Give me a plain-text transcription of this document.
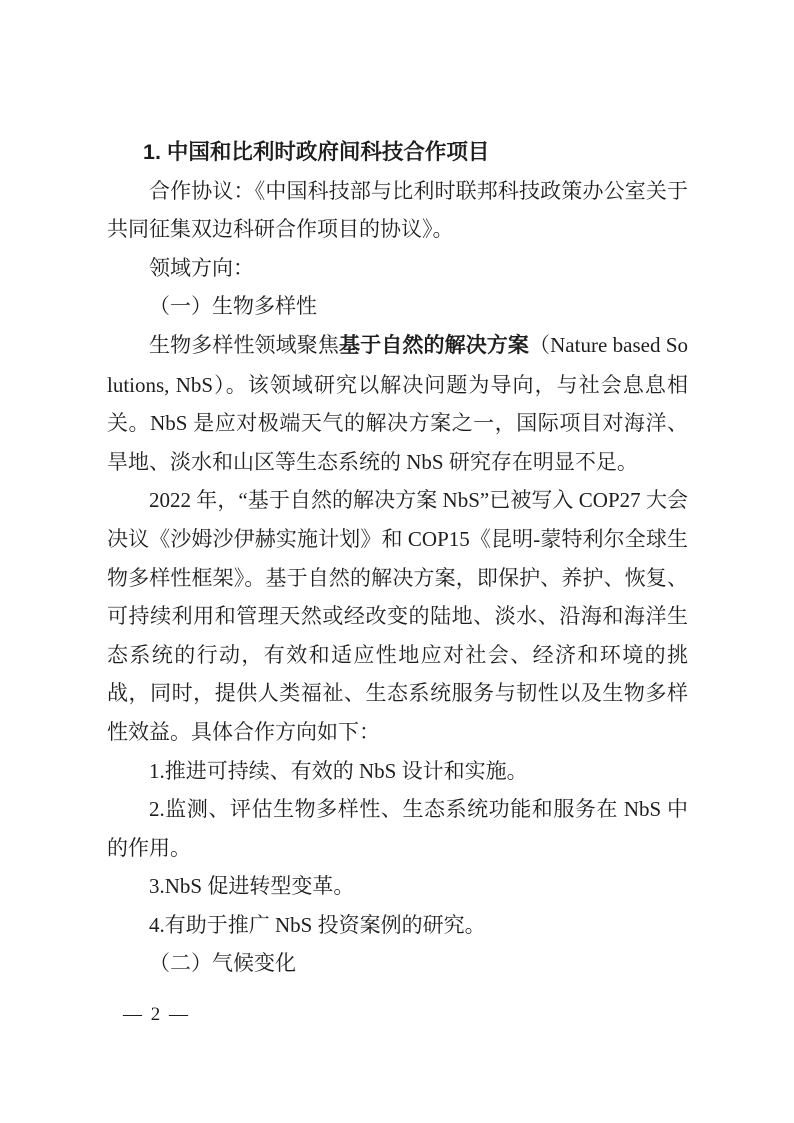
1. 中国和比利时政府间科技合作项目

合作协议：《中国科技部与比利时联邦科技政策办公室关于共同征集双边科研合作项目的协议》。

领域方向：

（一）生物多样性

生物多样性领域聚焦基于自然的解决方案（Nature based Solutions, NbS）。该领域研究以解决问题为导向，与社会息息相关。NbS 是应对极端天气的解决方案之一，国际项目对海洋、旱地、淡水和山区等生态系统的 NbS 研究存在明显不足。

2022 年，“基于自然的解决方案 NbS”已被写入 COP27 大会决议《沙姆沙伊赫实施计划》和 COP15《昆明-蒙特利尔全球生物多样性框架》。基于自然的解决方案，即保护、养护、恢复、可持续利用和管理天然或经改变的陆地、淡水、沿海和海洋生态系统的行动，有效和适应性地应对社会、经济和环境的挑战，同时，提供人类福祉、生态系统服务与韧性以及生物多样性效益。具体合作方向如下：

1.推进可持续、有效的 NbS 设计和实施。

2.监测、评估生物多样性、生态系统功能和服务在 NbS 中的作用。

3.NbS 促进转型变革。

4.有助于推广 NbS 投资案例的研究。

（二）气候变化

— 2 —
